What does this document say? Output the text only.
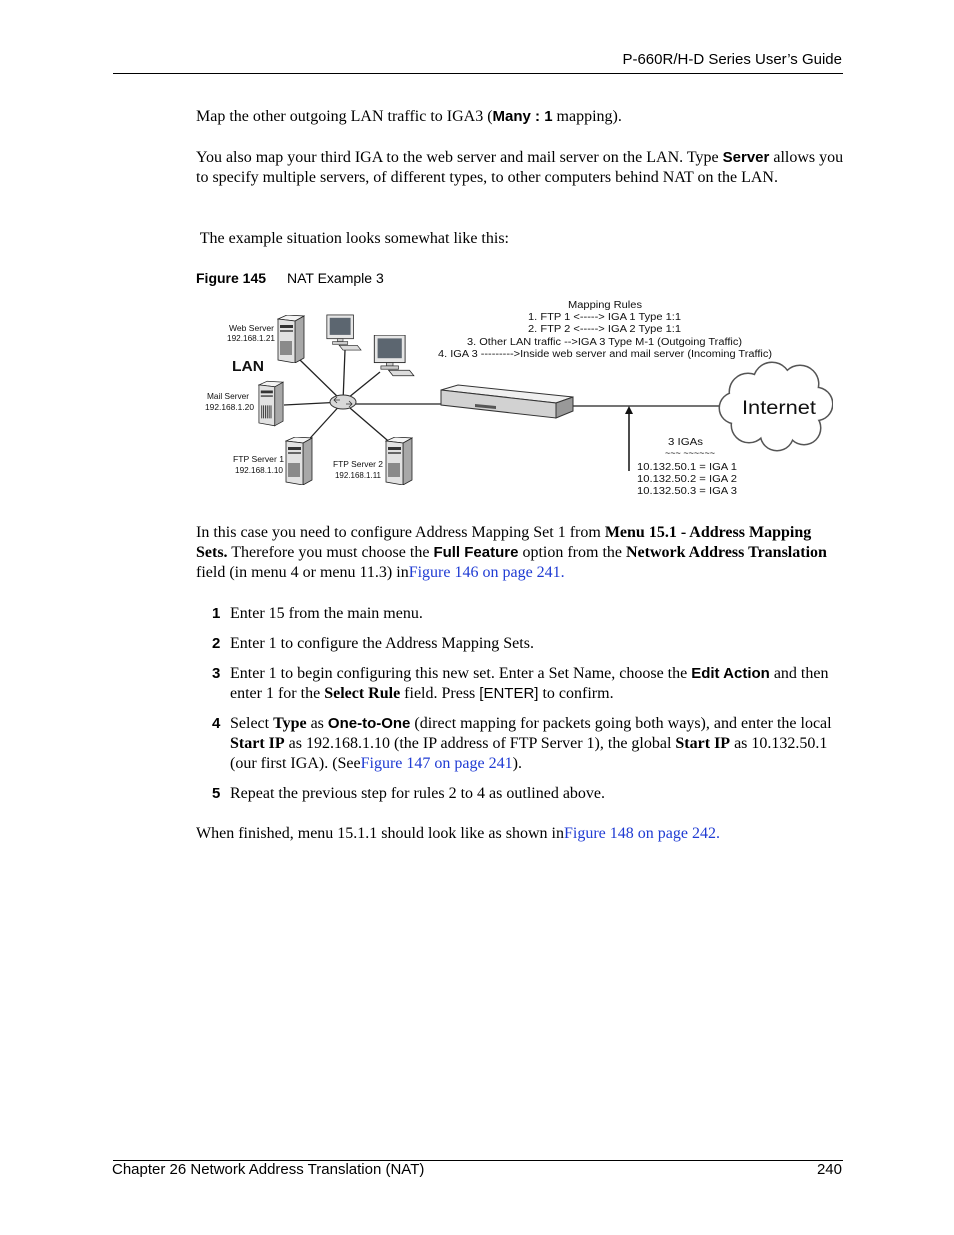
P-660R/H-D Series User’s Guide
Map the other outgoing LAN traffic to IGA3 (Many : 1 mapping).
You also map your third IGA to the web server and mail server on the LAN. Type Server allows you to specify multiple servers, of different types, to other computers behind NAT on the LAN.
The example situation looks somewhat like this:
Figure 145 NAT Example 3
Mapping Rules
1. FTP 1 <-----> IGA 1 Type 1:1
2. FTP 2 <-----> IGA 2 Type 1:1
3. Other LAN traffic -->IGA 3 Type M-1 (Outgoing Traffic)
4. IGA 3 --------->Inside web server and mail server (Incoming Traffic)
Internet
Web Server
192.168.1.21
LAN
Mail Server
192.168.1.20
FTP Server 1
192.168.1.10
FTP Server 2
192.168.1.11
3 IGAs
~~~ ~~~~~~
10.132.50.1 = IGA 1
10.132.50.2 = IGA 2
10.132.50.3 = IGA 3
In this case you need to configure Address Mapping Set 1 from Menu 15.1 - Address Mapping Sets. Therefore you must choose the Full Feature option from the Network Address Translation field (in menu 4 or menu 11.3) inFigure 146 on page 241.
1 Enter 15 from the main menu.
2 Enter 1 to configure the Address Mapping Sets.
3 Enter 1 to begin configuring this new set. Enter a Set Name, choose the Edit Action and then enter 1 for the Select Rule field. Press [ENTER] to confirm.
4 Select Type as One-to-One (direct mapping for packets going both ways), and enter the local Start IP as 192.168.1.10 (the IP address of FTP Server 1), the global Start IP as 10.132.50.1 (our first IGA). (SeeFigure 147 on page 241).
5 Repeat the previous step for rules 2 to 4 as outlined above.
When finished, menu 15.1.1 should look like as shown inFigure 148 on page 242.
Chapter 26 Network Address Translation (NAT)	240
